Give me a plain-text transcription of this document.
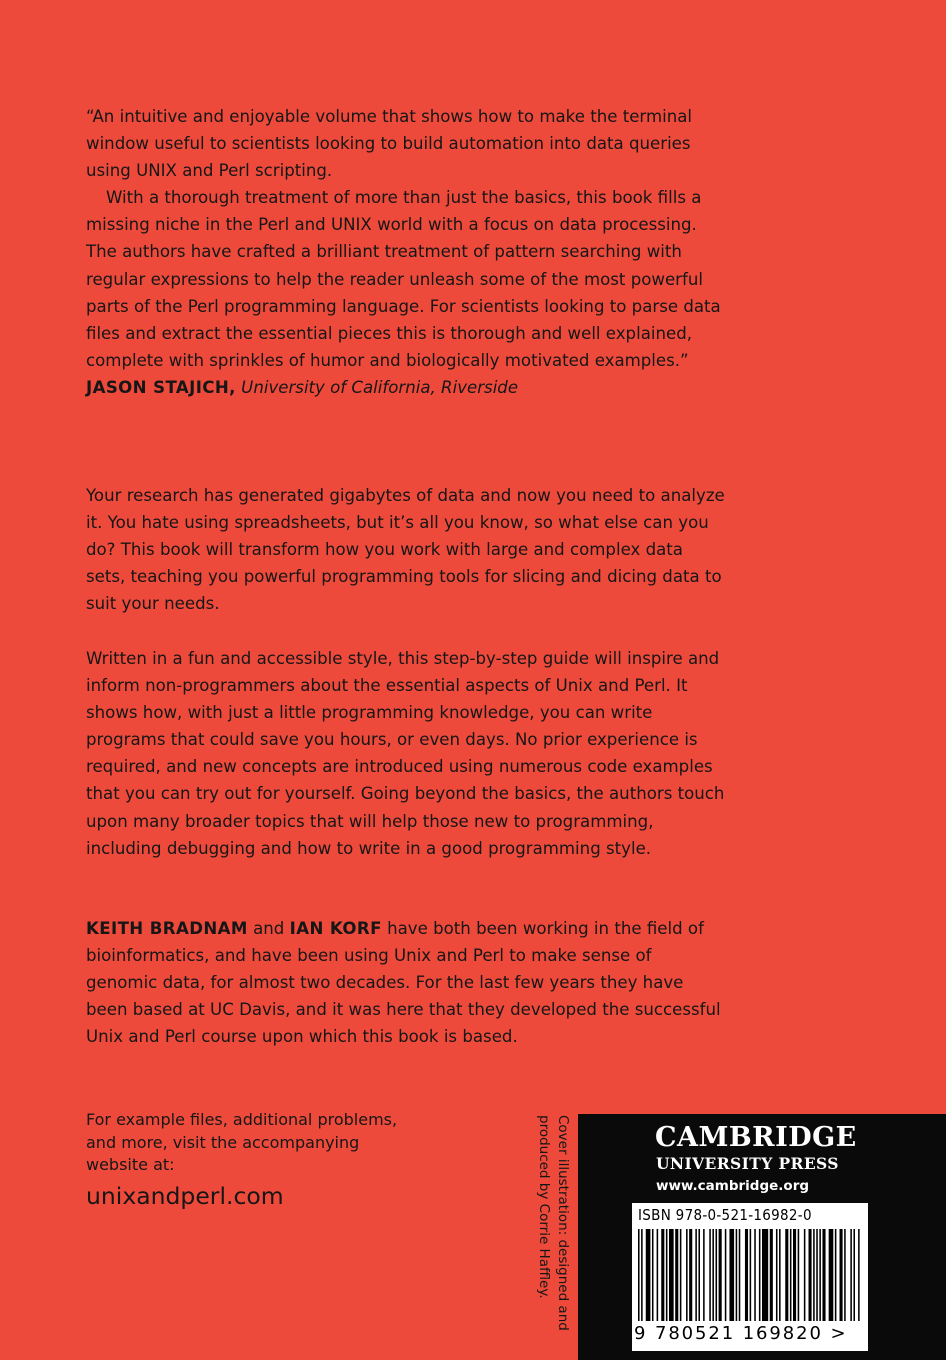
“An intuitive and enjoyable volume that shows how to make the terminal window useful to scientists looking to build automation into data queries using UNIX and Perl scripting.

With a thorough treatment of more than just the basics, this book fills a missing niche in the Perl and UNIX world with a focus on data processing. The authors have crafted a brilliant treatment of pattern searching with regular expressions to help the reader unleash some of the most powerful parts of the Perl programming language. For scientists looking to parse data files and extract the essential pieces this is thorough and well explained, complete with sprinkles of humor and biologically motivated examples.”

JASON STAJICH, University of California, Riverside

Your research has generated gigabytes of data and now you need to analyze it. You hate using spreadsheets, but it’s all you know, so what else can you do? This book will transform how you work with large and complex data sets, teaching you powerful programming tools for slicing and dicing data to suit your needs.

Written in a fun and accessible style, this step-by-step guide will inspire and inform non-programmers about the essential aspects of Unix and Perl. It shows how, with just a little programming knowledge, you can write programs that could save you hours, or even days. No prior experience is required, and new concepts are introduced using numerous code examples that you can try out for yourself. Going beyond the basics, the authors touch upon many broader topics that will help those new to programming, including debugging and how to write in a good programming style.

KEITH BRADNAM and IAN KORF have both been working in the field of bioinformatics, and have been using Unix and Perl to make sense of genomic data, for almost two decades. For the last few years they have been based at UC Davis, and it was here that they developed the successful Unix and Perl course upon which this book is based.

For example files, additional problems, and more, visit the accompanying website at:
unixandperl.com	Cover illustration: designed and produced by Corrie Haffley.	CAMBRIDGE
UNIVERSITY PRESS
www.cambridge.org
ISBN 978-0-521-16982-0
9 780521 169820 >
